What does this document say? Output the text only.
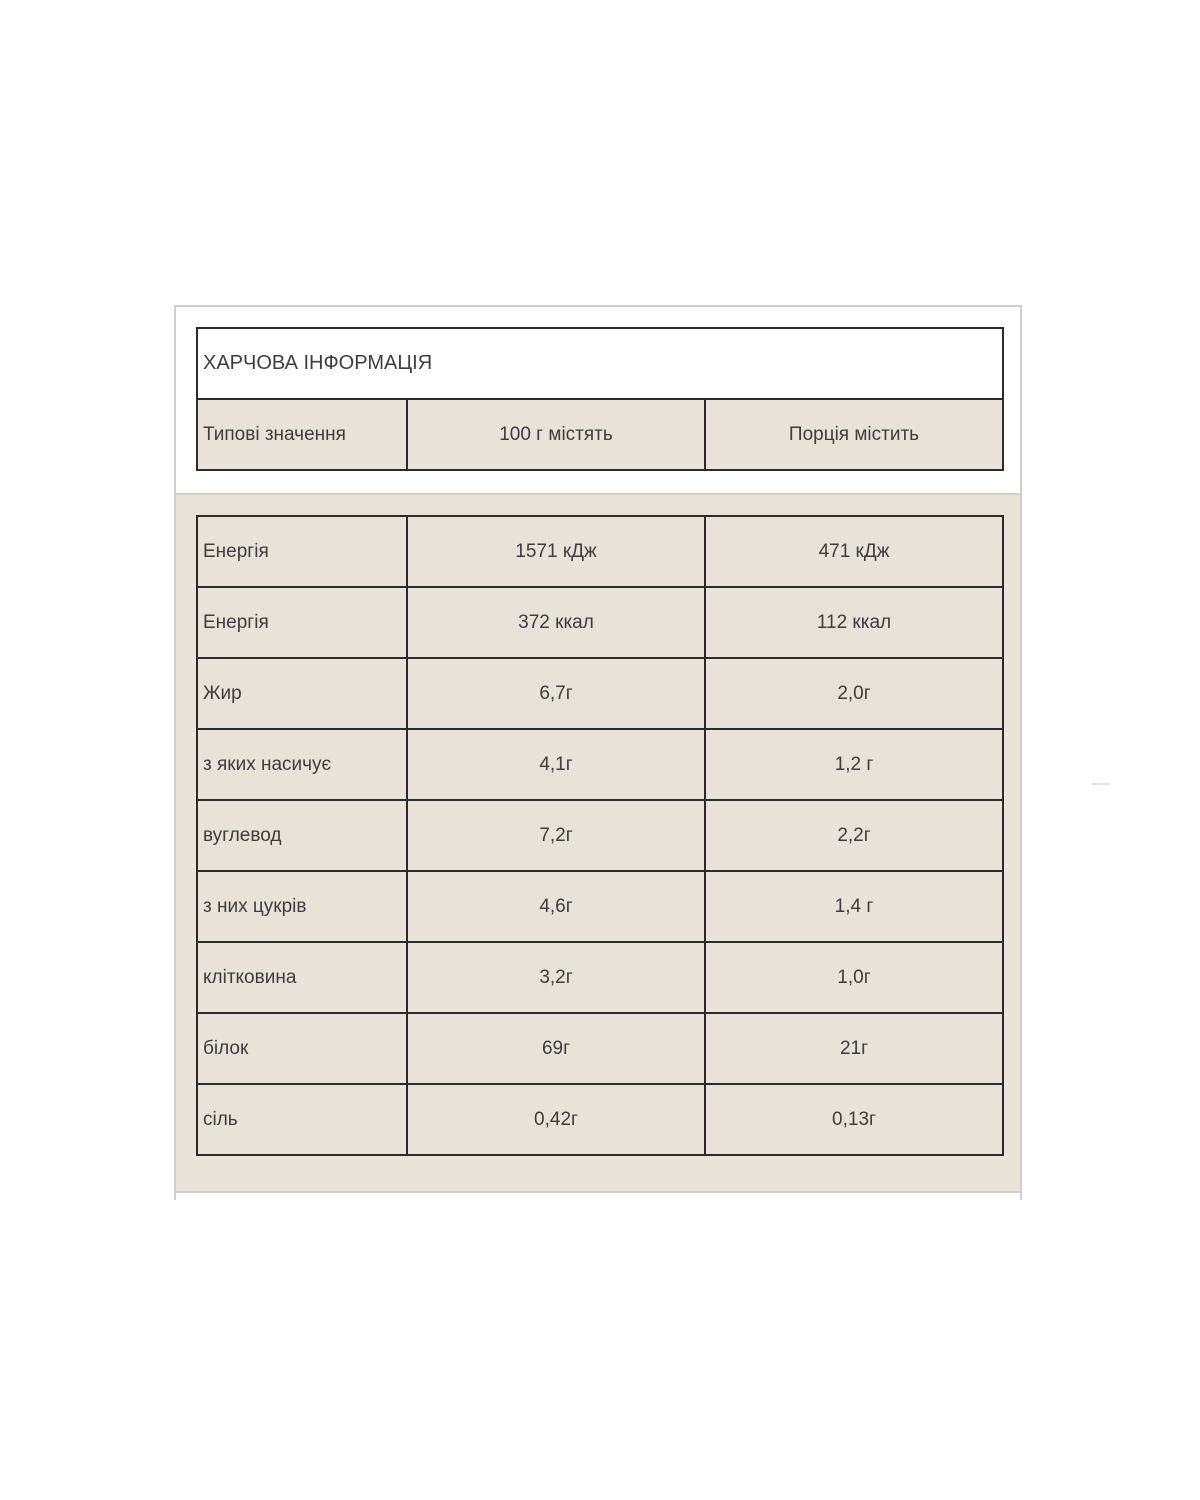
ХАРЧОВА ІНФОРМАЦІЯ
Типові значення	100 г містять	Порція містить
Енергія	1571 кДж	471 кДж
Енергія	372 ккал	112 ккал
Жир	6,7г	2,0г
з яких насичує	4,1г	1,2 г
вуглевод	7,2г	2,2г
з них цукрів	4,6г	1,4 г
клітковина	3,2г	1,0г
білок	69г	21г
сіль	0,42г	0,13г
